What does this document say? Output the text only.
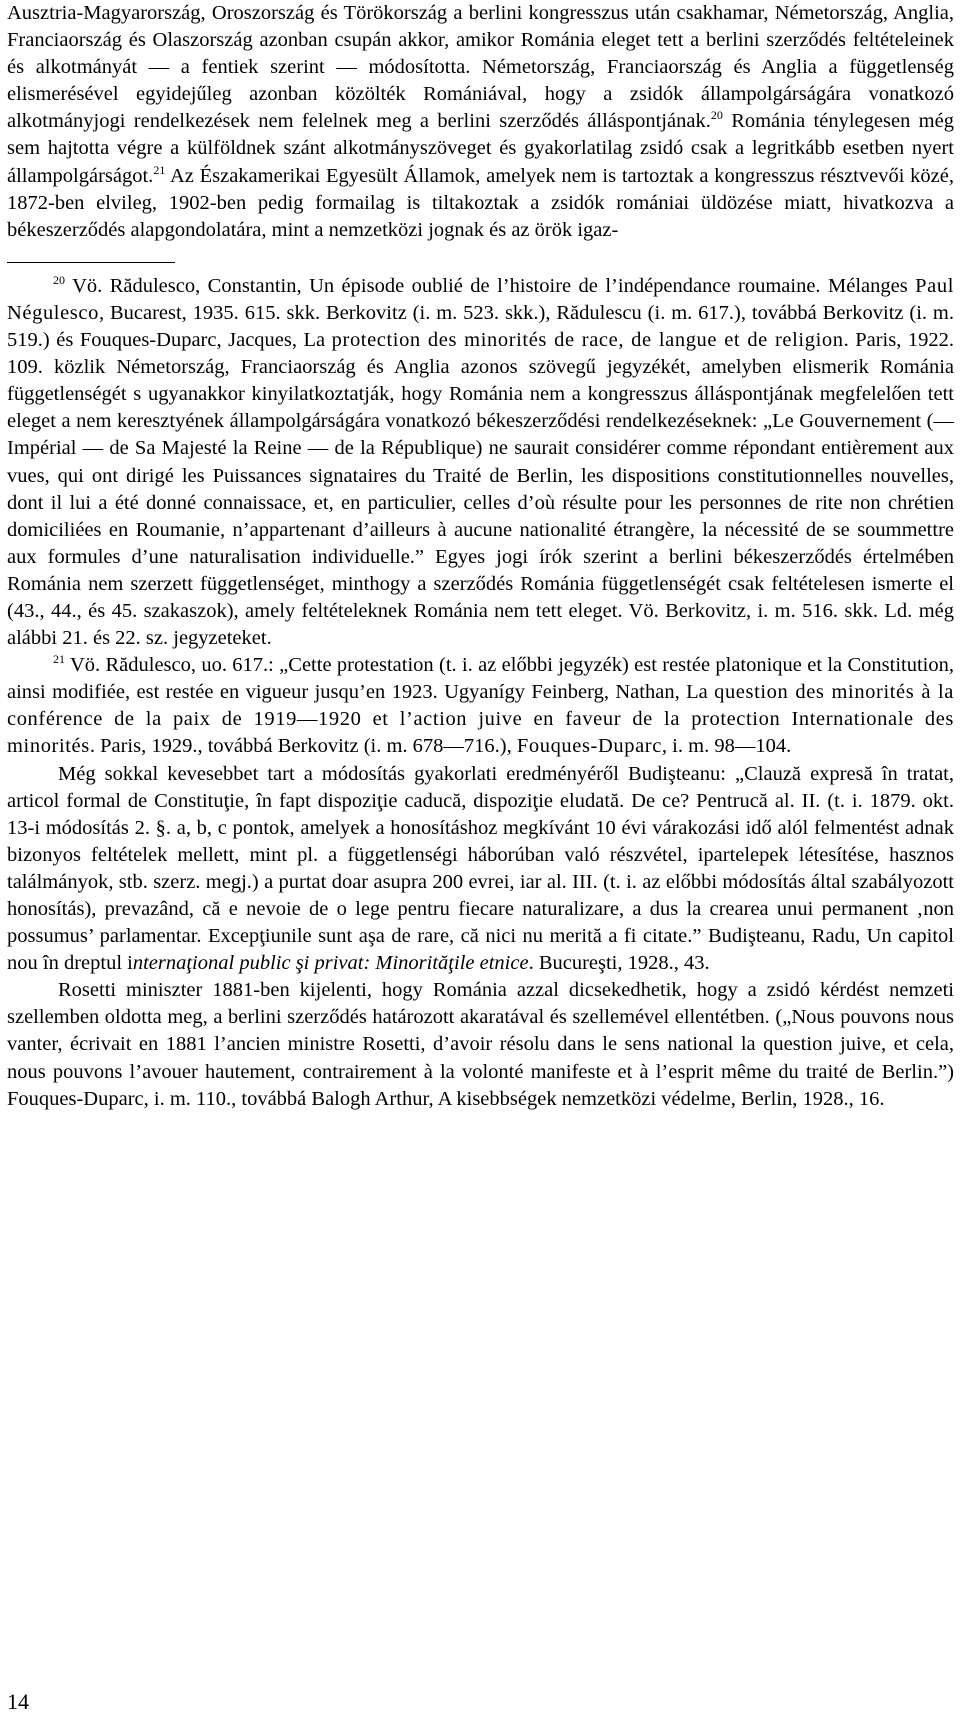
Ausztria-Magyarország, Oroszország és Törökország a berlini kongresszus után csakhamar, Németország, Anglia, Franciaország és Olaszország azonban csupán akkor, amikor Románia eleget tett a berlini szerződés feltételeinek és alkotmányát — a fentiek szerint — módosította. Németország, Franciaország és Anglia a függetlenség elismerésével egyidejűleg azonban közölték Romániával, hogy a zsidók állampolgárságára vonatkozó alkotmányjogi rendelkezések nem felelnek meg a berlini szerződés álláspontjának.$^{20}$ Románia ténylegesen még sem hajtotta végre a külföldnek szánt alkotmányszöveget és gyakorlatilag zsidó csak a legritkább esetben nyert állampolgárságot.$^{21}$ Az Északamerikai Egyesült Államok, amelyek nem is tartoztak a kongresszus résztvevői közé, 1872-ben elvileg, 1902-ben pedig formailag is tiltakoztak a zsidók romániai üldözése miatt, hivatkozva a békeszerződés alapgondolatára, mint a nemzetközi jognak és az örök igaz-

$^{20}$ Vö. Rădulesco, Constantin, Un épisode oublié de l’histoire de l’indépendance roumaine. Mélanges Paul Négulesco, Bucarest, 1935. 615. skk. Berkovitz (i. m. 523. skk.), Rădulescu (i. m. 617.), továbbá Berkovitz (i. m. 519.) és Fouques-Duparc, Jacques, La protection des minorités de race, de langue et de religion. Paris, 1922. 109. közlik Németország, Franciaország és Anglia azonos szövegű jegyzékét, amelyben elismerik Románia függetlenségét s ugyanakkor kinyilatkoztatják, hogy Románia nem a kongresszus álláspontjának megfelelően tett eleget a nem keresztyének állampolgárságára vonatkozó békeszerződési rendelkezéseknek: „Le Gouvernement (— Impérial — de Sa Majesté la Reine — de la République) ne saurait considérer comme répondant entièrement aux vues, qui ont dirigé les Puissances signataires du Traité de Berlin, les dispositions constitutionnelles nouvelles, dont il lui a été donné connaissace, et, en particulier, celles d’où résulte pour les personnes de rite non chrétien domiciliées en Roumanie, n’appartenant d’ailleurs à aucune nationalité étrangère, la nécessité de se soummettre aux formules d’une naturalisation individuelle.” Egyes jogi írók szerint a berlini békeszerződés értelmében Románia nem szerzett függetlenséget, minthogy a szerződés Románia függetlenségét csak feltételesen ismerte el (43., 44., és 45. szakaszok), amely feltételeknek Románia nem tett eleget. Vö. Berkovitz, i. m. 516. skk. Ld. még alábbi 21. és 22. sz. jegyzeteket.

$^{21}$ Vö. Rădulesco, uo. 617.: „Cette protestation (t. i. az előbbi jegyzék) est restée platonique et la Constitution, ainsi modifiée, est restée en vigueur jusqu’en 1923. Ugyanígy Feinberg, Nathan, La question des minorités à la conférence de la paix de 1919—1920 et l’action juive en faveur de la protection Internationale des minorités. Paris, 1929., továbbá Berkovitz (i. m. 678—716.), Fouques-Duparc, i. m. 98—104.

Még sokkal kevesebbet tart a módosítás gyakorlati eredményéről Budişteanu: „Clauză expresă în tratat, articol formal de Constituţie, în fapt dispoziţie caducă, dispoziţie eludată. De ce? Pentrucă al. II. (t. i. 1879. okt. 13-i módosítás 2. §. a, b, c pontok, amelyek a honosításhoz megkívánt 10 évi várakozási idő alól felmentést adnak bizonyos feltételek mellett, mint pl. a függetlenségi háborúban való részvétel, ipartelepek létesítése, hasznos találmányok, stb. szerz. megj.) a purtat doar asupra 200 evrei, iar al. III. (t. i. az előbbi módosítás által szabályozott honosítás), prevazând, că e nevoie de o lege pentru fiecare naturalizare, a dus la crearea unui permanent ‚non possumus’ parlamentar. Excepţiunile sunt aşa de rare, că nici nu merită a fi citate.” Budişteanu, Radu, Un capitol nou în dreptul internaţional public şi privat: Minorităţile etnice. Bucureşti, 1928., 43.

Rosetti miniszter 1881-ben kijelenti, hogy Románia azzal dicsekedhetik, hogy a zsidó kérdést nemzeti szellemben oldotta meg, a berlini szerződés határozott akaratával és szellemével ellentétben. („Nous pouvons nous vanter, écrivait en 1881 l’ancien ministre Rosetti, d’avoir résolu dans le sens national la question juive, et cela, nous pouvons l’avouer hautement, contrairement à la volonté manifeste et à l’esprit même du traité de Berlin.”) Fouques-Duparc, i. m. 110., továbbá Balogh Arthur, A kisebbségek nemzetközi védelme, Berlin, 1928., 16.

14
